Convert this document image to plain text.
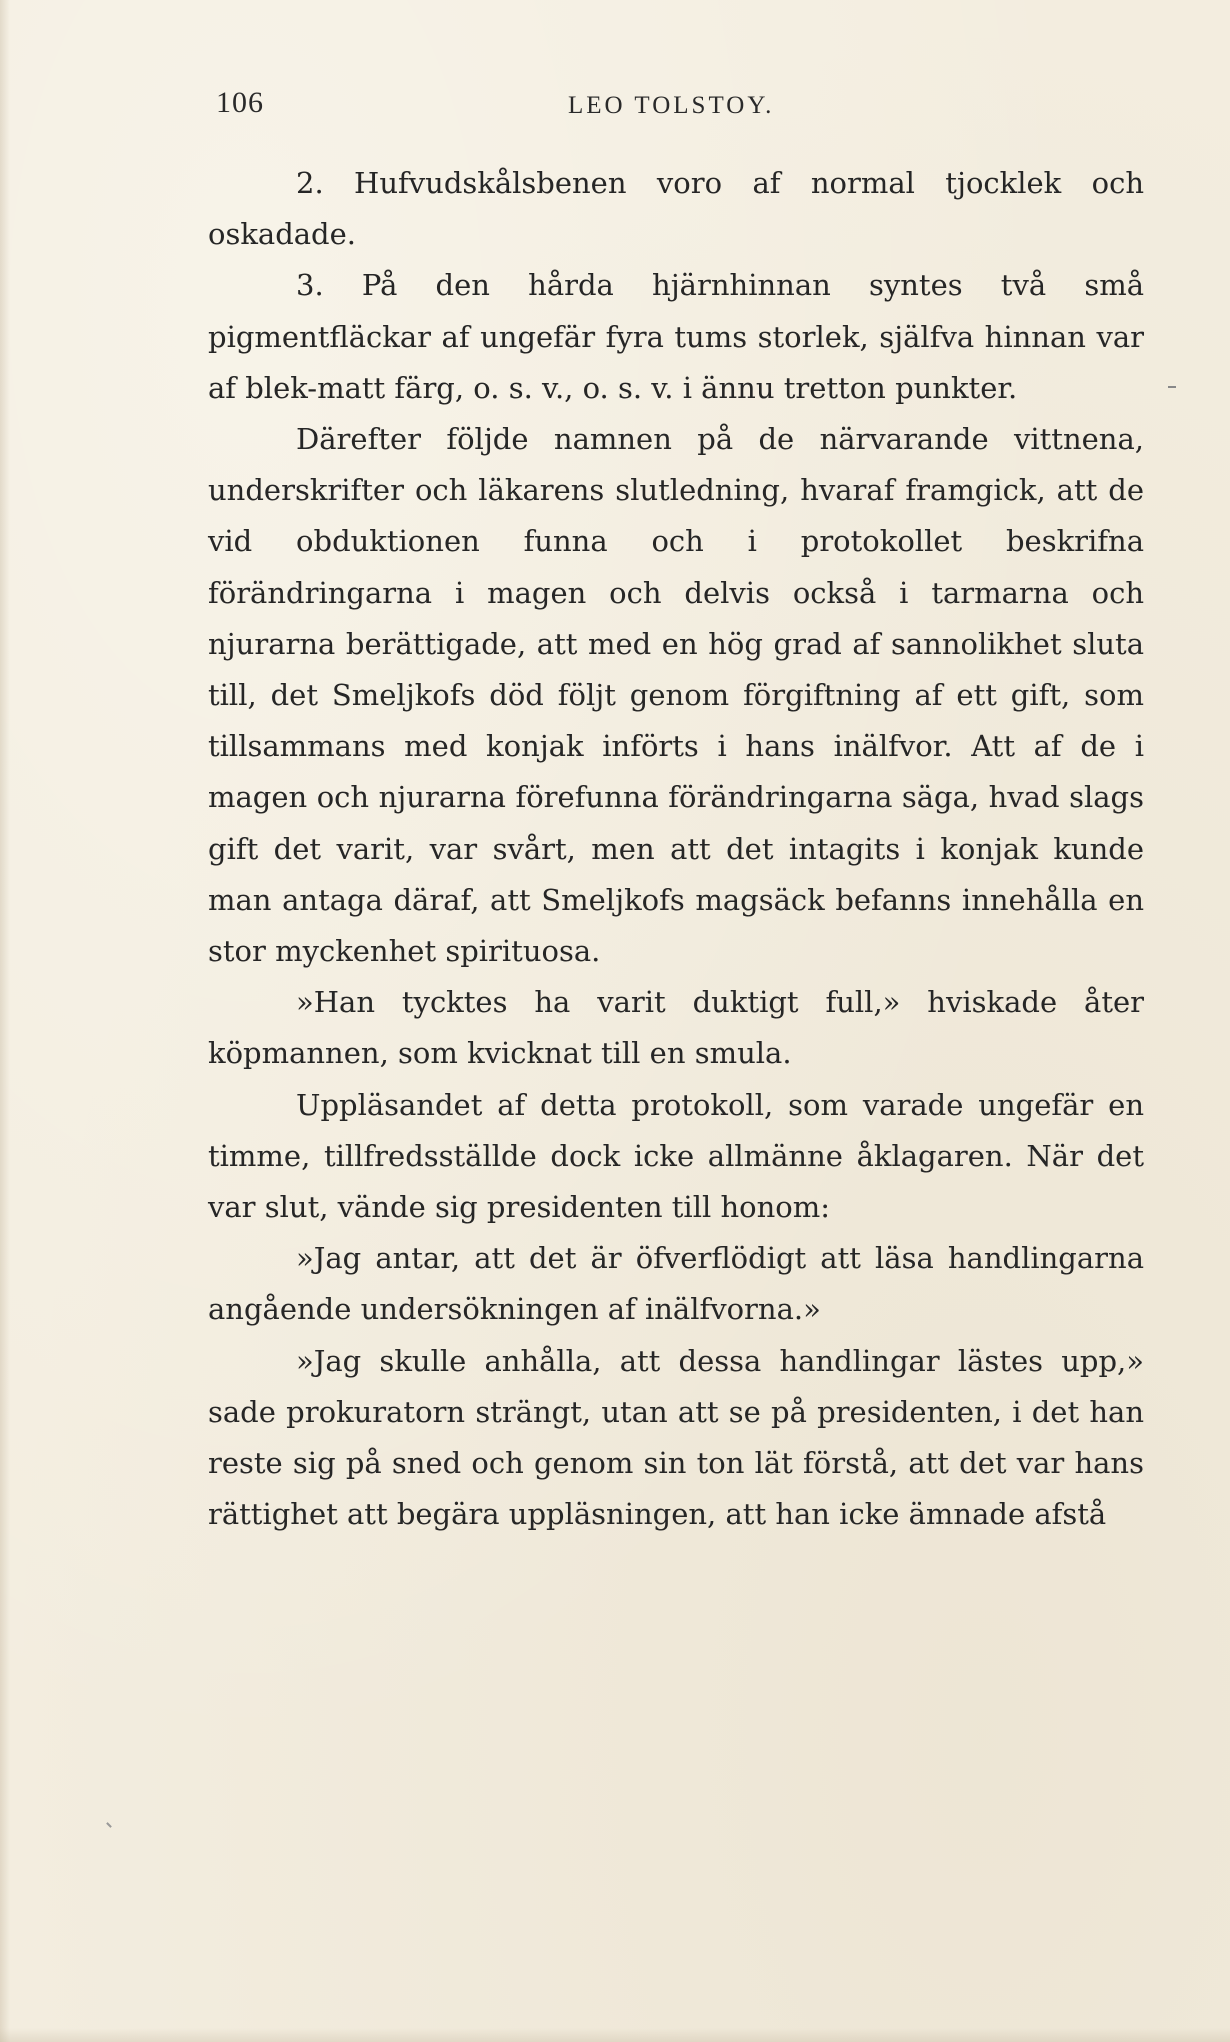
106	LEO TOLSTOY.

2. Hufvudskålsbenen voro af normal tjocklek och oskadade.

3. På den hårda hjärnhinnan syntes två små pigmentfläckar af ungefär fyra tums storlek, själfva hinnan var af blek-matt färg, o. s. v., o. s. v. i ännu tretton punkter.

Därefter följde namnen på de närvarande vittnena, underskrifter och läkarens slutledning, hvaraf framgick, att de vid obduktionen funna och i protokollet beskrifna förändringarna i magen och delvis också i tarmarna och njurarna berättigade, att med en hög grad af sannolikhet sluta till, det Smeljkofs död följt genom förgiftning af ett gift, som tillsammans med konjak införts i hans inälfvor. Att af de i magen och njurarna förefunna förändringarna säga, hvad slags gift det varit, var svårt, men att det intagits i konjak kunde man antaga däraf, att Smeljkofs magsäck befanns innehålla en stor myckenhet spirituosa.

»Han tycktes ha varit duktigt full,» hviskade åter köpmannen, som kvicknat till en smula.

Uppläsandet af detta protokoll, som varade ungefär en timme, tillfredsställde dock icke allmänne åklagaren. När det var slut, vände sig presidenten till honom:

»Jag antar, att det är öfverflödigt att läsa handlingarna angående undersökningen af inälfvorna.»

»Jag skulle anhålla, att dessa handlingar lästes upp,» sade prokuratorn strängt, utan att se på presidenten, i det han reste sig på sned och genom sin ton lät förstå, att det var hans rättighet att begära uppläsningen, att han icke ämnade afstå
